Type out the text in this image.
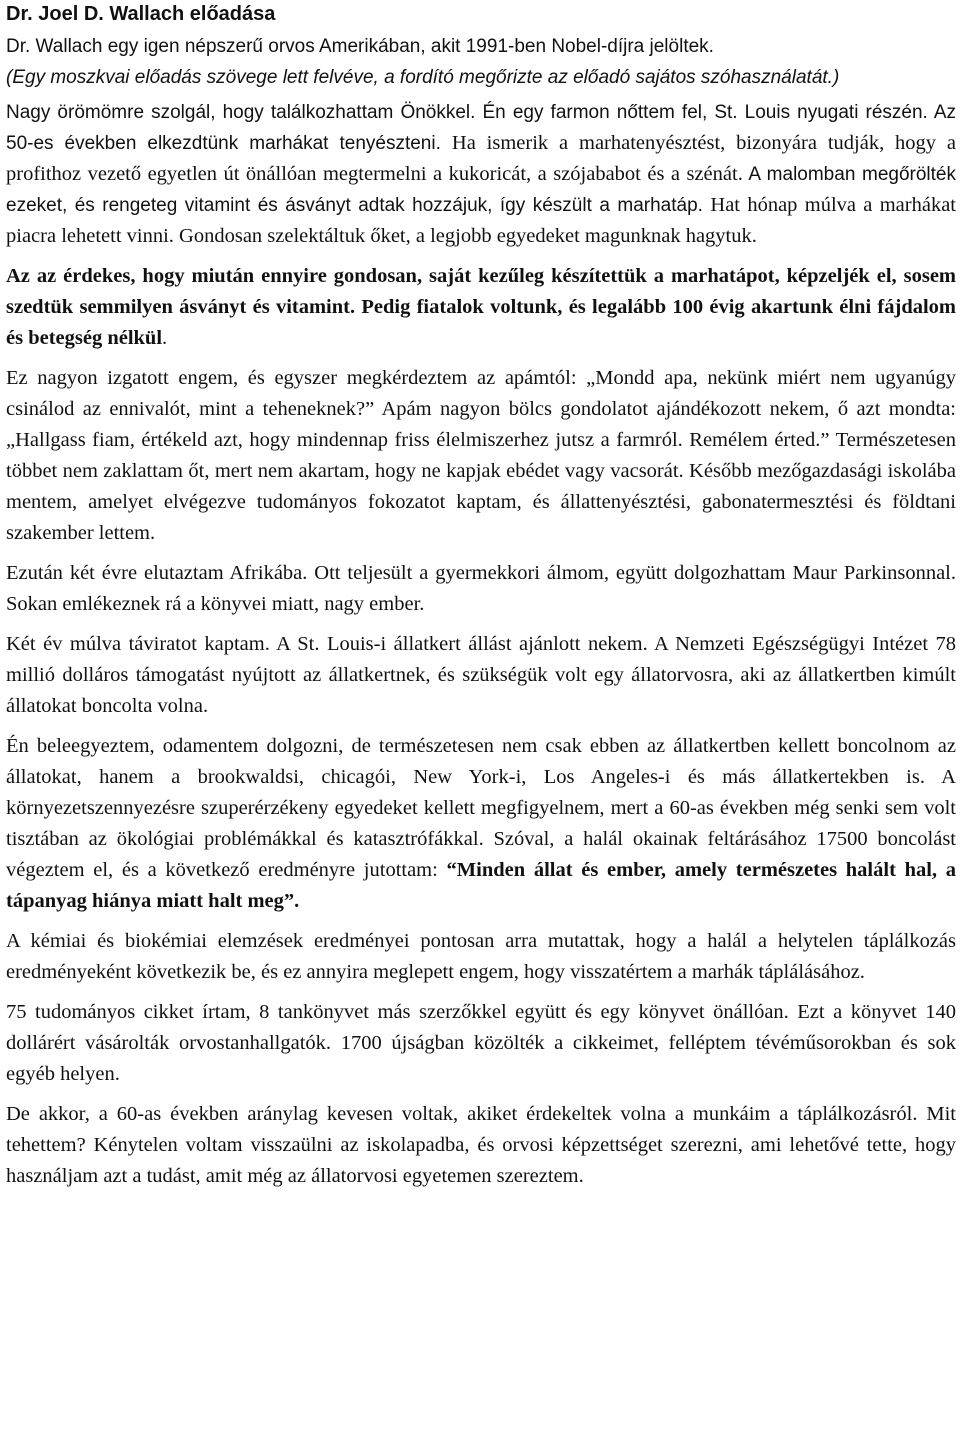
Dr. Joel D. Wallach előadása

Dr. Wallach egy igen népszerű orvos Amerikában, akit 1991-ben Nobel-díjra jelöltek.

(Egy moszkvai előadás szövege lett felvéve, a fordító megőrizte az előadó sajátos szóhasználatát.)

Nagy örömömre szolgál, hogy találkozhattam Önökkel. Én egy farmon nőttem fel, St. Louis nyugati részén. Az 50-es években elkezdtünk marhákat tenyészteni. Ha ismerik a marhatenyésztést, bizonyára tudják, hogy a profithoz vezető egyetlen út önállóan megtermelni a kukoricát, a szójababot és a szénát. A malomban megőrölték ezeket, és rengeteg vitamint és ásványt adtak hozzájuk, így készült a marhatáp. Hat hónap múlva a marhákat piacra lehetett vinni. Gondosan szelektáltuk őket, a legjobb egyedeket magunknak hagytuk.

Az az érdekes, hogy miután ennyire gondosan, saját kezűleg készítettük a marhatápot, képzeljék el, sosem szedtük semmilyen ásványt és vitamint. Pedig fiatalok voltunk, és legalább 100 évig akartunk élni fájdalom és betegség nélkül.

Ez nagyon izgatott engem, és egyszer megkérdeztem az apámtól: „Mondd apa, nekünk miért nem ugyanúgy csinálod az ennivalót, mint a teheneknek?” Apám nagyon bölcs gondolatot ajándékozott nekem, ő azt mondta: „Hallgass fiam, értékeld azt, hogy mindennap friss élelmiszerhez jutsz a farmról. Remélem érted.” Természetesen többet nem zaklattam őt, mert nem akartam, hogy ne kapjak ebédet vagy vacsorát. Később mezőgazdasági iskolába mentem, amelyet elvégezve tudományos fokozatot kaptam, és állattenyésztési, gabonatermesztési és földtani szakember lettem.

Ezután két évre elutaztam Afrikába. Ott teljesült a gyermekkori álmom, együtt dolgozhattam Maur Parkinsonnal. Sokan emlékeznek rá a könyvei miatt, nagy ember.

Két év múlva táviratot kaptam. A St. Louis-i állatkert állást ajánlott nekem. A Nemzeti Egészségügyi Intézet 78 millió dolláros támogatást nyújtott az állatkertnek, és szükségük volt egy állatorvosra, aki az állatkertben kimúlt állatokat boncolta volna.

Én beleegyeztem, odamentem dolgozni, de természetesen nem csak ebben az állatkertben kellett boncolnom az állatokat, hanem a brookwaldsi, chicagói, New York-i, Los Angeles-i és más állatkertekben is. A környezetszennyezésre szuperérzékeny egyedeket kellett megfigyelnem, mert a 60-as években még senki sem volt tisztában az ökológiai problémákkal és katasztrófákkal. Szóval, a halál okainak feltárásához 17500 boncolást végeztem el, és a következő eredményre jutottam: “Minden állat és ember, amely természetes halált hal, a tápanyag hiánya miatt halt meg”.

A kémiai és biokémiai elemzések eredményei pontosan arra mutattak, hogy a halál a helytelen táplálkozás eredményeként következik be, és ez annyira meglepett engem, hogy visszatértem a marhák táplálásához.

75 tudományos cikket írtam, 8 tankönyvet más szerzőkkel együtt és egy könyvet önállóan. Ezt a könyvet 140 dollárért vásárolták orvostanhallgatók. 1700 újságban közölték a cikkeimet, felléptem tévéműsorokban és sok egyéb helyen.

De akkor, a 60-as években aránylag kevesen voltak, akiket érdekeltek volna a munkáim a táplálkozásról. Mit tehettem? Kénytelen voltam visszaülni az iskolapadba, és orvosi képzettséget szerezni, ami lehetővé tette, hogy használjam azt a tudást, amit még az állatorvosi egyetemen szereztem.
